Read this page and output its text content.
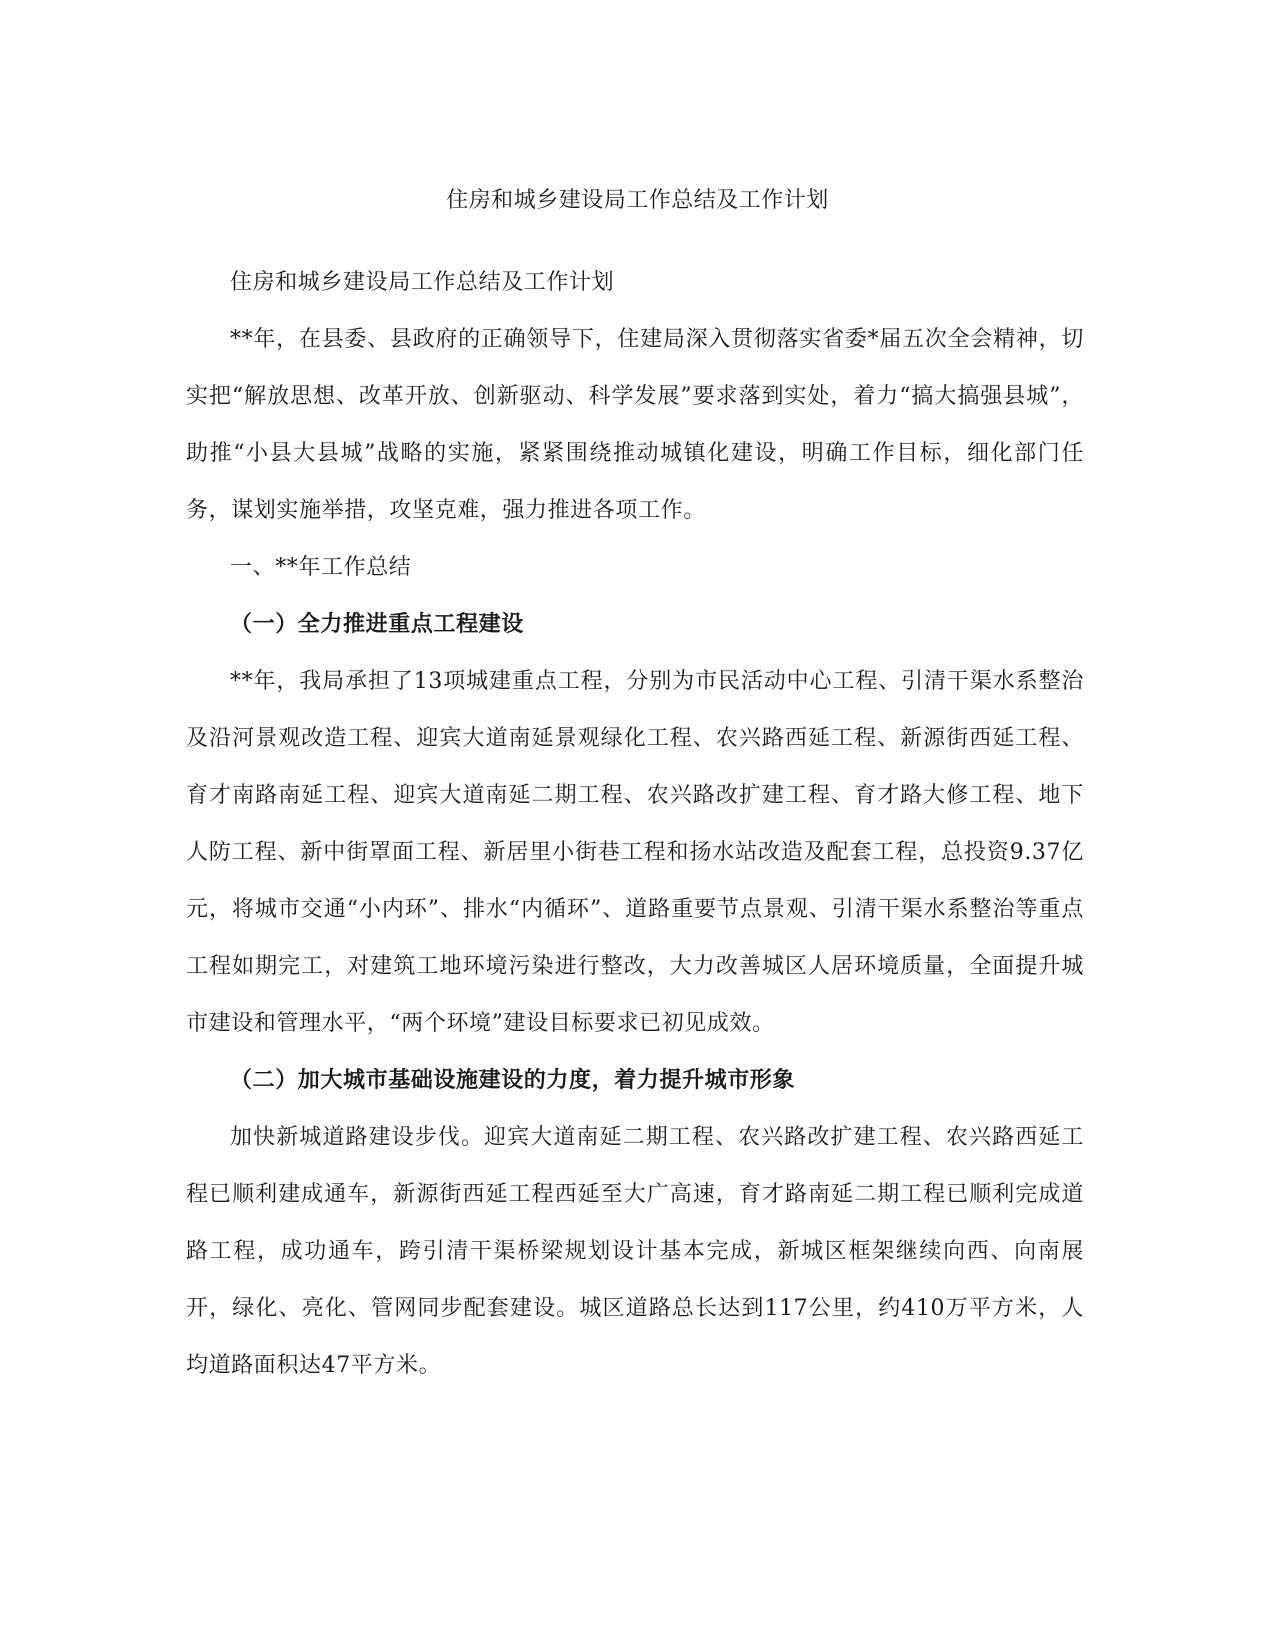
住房和城乡建设局工作总结及工作计划

住房和城乡建设局工作总结及工作计划

**年，在县委、县政府的正确领导下，住建局深入贯彻落实省委*届五次全会精神，切实把“解放思想、改革开放、创新驱动、科学发展”要求落到实处，着力“搞大搞强县城”，助推“小县大县城”战略的实施，紧紧围绕推动城镇化建设，明确工作目标，细化部门任务，谋划实施举措，攻坚克难，强力推进各项工作。

一、**年工作总结

（一）全力推进重点工程建设

**年，我局承担了13项城建重点工程，分别为市民活动中心工程、引清干渠水系整治及沿河景观改造工程、迎宾大道南延景观绿化工程、农兴路西延工程、新源街西延工程、育才南路南延工程、迎宾大道南延二期工程、农兴路改扩建工程、育才路大修工程、地下人防工程、新中街罩面工程、新居里小街巷工程和扬水站改造及配套工程，总投资9.37亿元，将城市交通“小内环”、排水“内循环”、道路重要节点景观、引清干渠水系整治等重点工程如期完工，对建筑工地环境污染进行整改，大力改善城区人居环境质量，全面提升城市建设和管理水平，“两个环境”建设目标要求已初见成效。

（二）加大城市基础设施建设的力度，着力提升城市形象

加快新城道路建设步伐。迎宾大道南延二期工程、农兴路改扩建工程、农兴路西延工程已顺利建成通车，新源街西延工程西延至大广高速，育才路南延二期工程已顺利完成道路工程，成功通车，跨引清干渠桥梁规划设计基本完成，新城区框架继续向西、向南展开，绿化、亮化、管网同步配套建设。城区道路总长达到117公里，约410万平方米，人均道路面积达47平方米。
